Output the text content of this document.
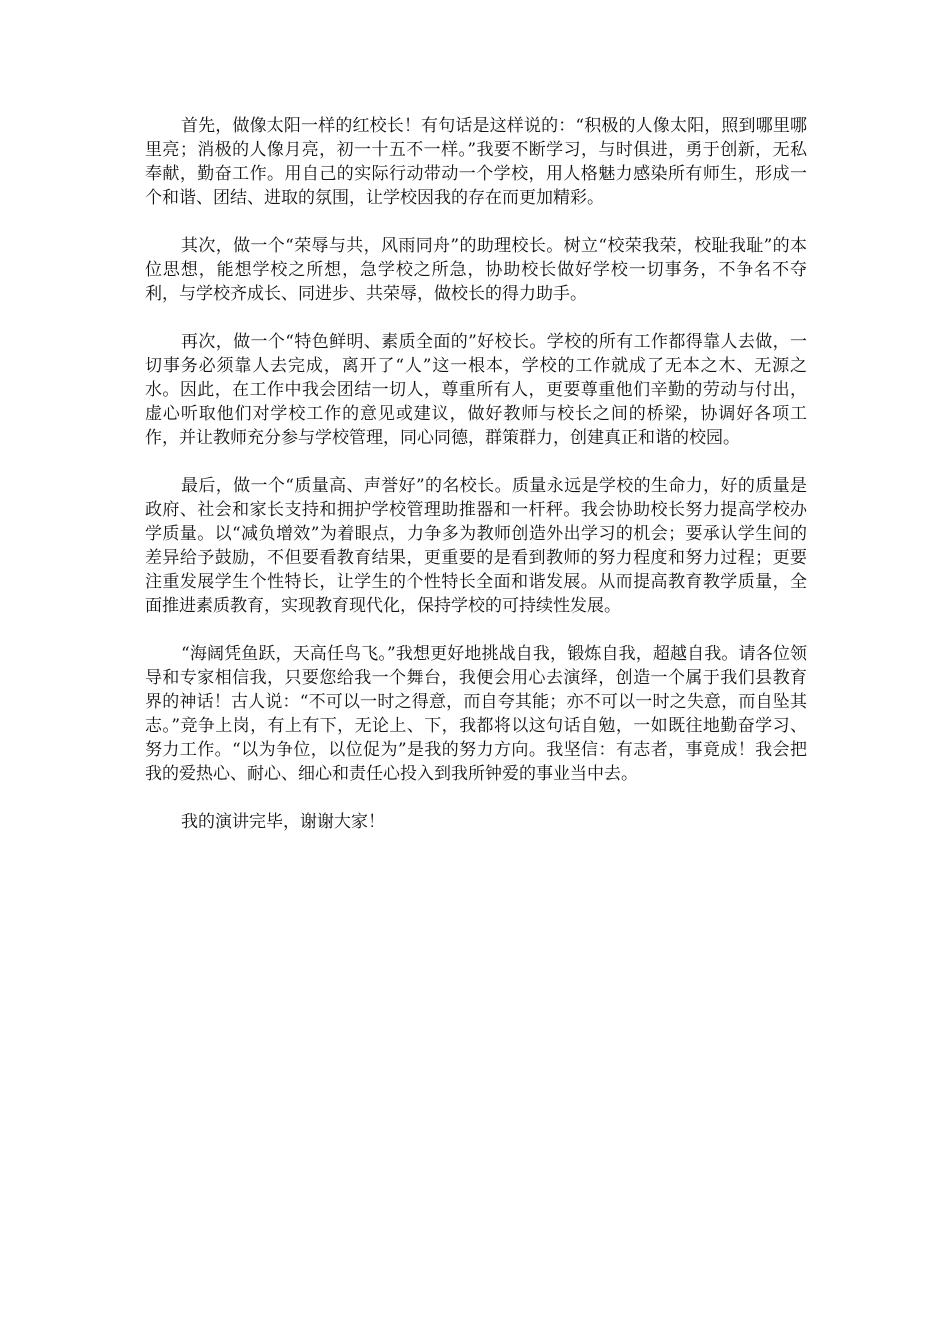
首先，做像太阳一样的红校长！有句话是这样说的：“积极的人像太阳，照到哪里哪里亮；消极的人像月亮，初一十五不一样。”我要不断学习，与时俱进，勇于创新，无私奉献，勤奋工作。用自己的实际行动带动一个学校，用人格魅力感染所有师生，形成一个和谐、团结、进取的氛围，让学校因我的存在而更加精彩。

其次，做一个“荣辱与共，风雨同舟”的助理校长。树立“校荣我荣，校耻我耻”的本位思想，能想学校之所想，急学校之所急，协助校长做好学校一切事务，不争名不夺利，与学校齐成长、同进步、共荣辱，做校长的得力助手。

再次，做一个“特色鲜明、素质全面的”好校长。学校的所有工作都得靠人去做，一切事务必须靠人去完成，离开了“人”这一根本，学校的工作就成了无本之木、无源之水。因此，在工作中我会团结一切人，尊重所有人，更要尊重他们辛勤的劳动与付出，虚心听取他们对学校工作的意见或建议，做好教师与校长之间的桥梁，协调好各项工作，并让教师充分参与学校管理，同心同德，群策群力，创建真正和谐的校园。

最后，做一个“质量高、声誉好”的名校长。质量永远是学校的生命力，好的质量是政府、社会和家长支持和拥护学校管理助推器和一杆秤。我会协助校长努力提高学校办学质量。以“减负增效”为着眼点，力争多为教师创造外出学习的机会；要承认学生间的差异给予鼓励，不但要看教育结果，更重要的是看到教师的努力程度和努力过程；更要注重发展学生个性特长，让学生的个性特长全面和谐发展。从而提高教育教学质量，全面推进素质教育，实现教育现代化，保持学校的可持续性发展。

“海阔凭鱼跃，天高任鸟飞。”我想更好地挑战自我，锻炼自我，超越自我。请各位领导和专家相信我，只要您给我一个舞台，我便会用心去演绎，创造一个属于我们县教育界的神话！古人说：“不可以一时之得意，而自夸其能；亦不可以一时之失意，而自坠其志。”竞争上岗，有上有下，无论上、下，我都将以这句话自勉，一如既往地勤奋学习、努力工作。“以为争位，以位促为”是我的努力方向。我坚信：有志者，事竟成！我会把我的爱热心、耐心、细心和责任心投入到我所钟爱的事业当中去。

我的演讲完毕，谢谢大家！
